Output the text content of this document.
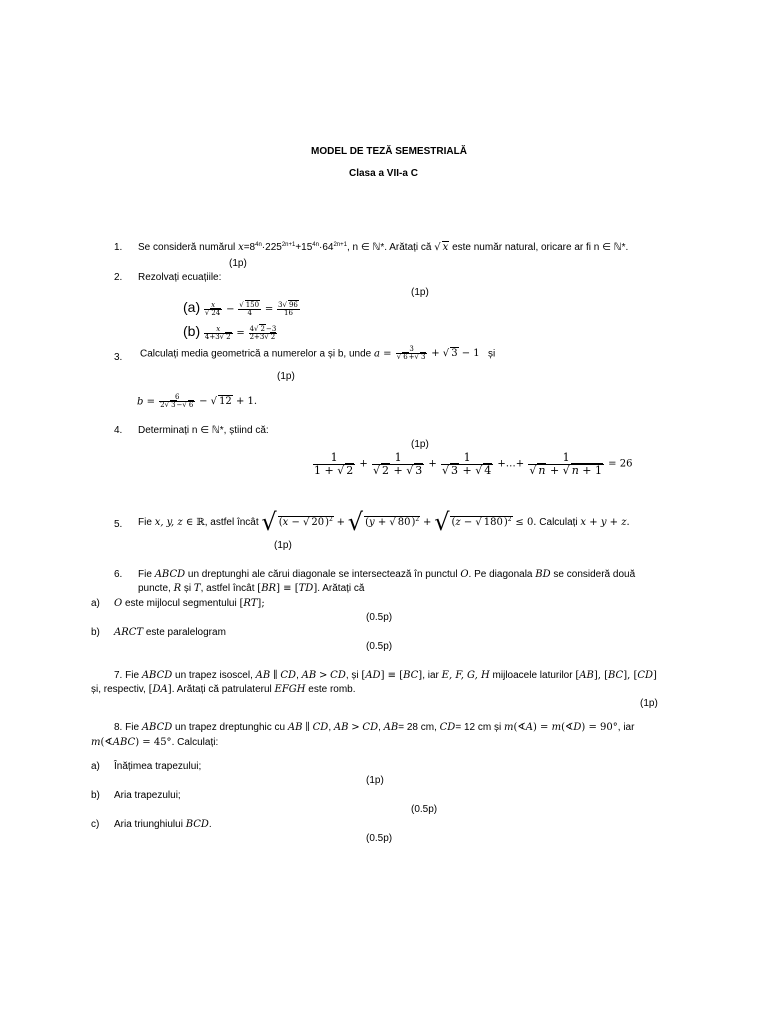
MODEL DE TEZĂ SEMESTRIALĂ
Clasa a VII-a C
1. Se consideră numărul $x=8^{4n}\cdot 225^{2n+1}+15^{4n}\cdot 64^{2n+1}$, n ∈ ℕ*. Arătați că √ x este număr natural, oricare ar fi n ∈ ℕ*.
(1p)
2. Rezolvați ecuațiile:
(1p)
$(a) \frac{x}{√ 24} - \frac{√ 150}{4} = \frac{3√ 96}{16}$
$(b) \frac{x}{4+3√ 2} = \frac{4√ 2-3}{2+3√ 2}$
3. Calculați media geometrică a numerelor a și b, unde $a = \frac{3}{√ 6+√ 3}$ + √ 3 − 1 și
(1p)
$b = \frac{6}{2√ 3-√ 6}$ − √ 12 + 1.
4. Determinați n ∈ ℕ*, știind că:
(1p)
$\frac{1}{1 + √ 2} + \frac{1}{√ 2 + √ 3} + \frac{1}{√ 3 + √ 4}$ +…+ $\frac{1}{√ n + √ n + 1} = 26$
5. Fie x, y, z ∈ ℝ, astfel încât √ (x − √ 20)$^2$ + √ (y + √ 80)$^2$ + √ (z − √ 180)$^2$ ≤ 0. Calculați x + y + z.
(1p)
6. Fie ABCD un dreptunghi ale cărui diagonale se intersectează în punctul O. Pe diagonala BD se consideră două
puncte, R și T, astfel încât [BR] ≡ [TD]. Arătați că
a) O este mijlocul segmentului [RT];
(0.5p)
b) ARCT este paralelogram
(0.5p)
7. Fie ABCD un trapez isoscel, AB ∥ CD, AB > CD, și [AD] ≡ [BC], iar E, F, G, H mijloacele laturilor [AB], [BC], [CD]
și, respectiv, [DA]. Arătați că patrulaterul EFGH este romb.
(1p)
8. Fie ABCD un trapez dreptunghic cu AB ∥ CD, AB > CD, AB= 28 cm, CD= 12 cm și m(∢A) = m(∢D) = 90°, iar
m(∢ABC) = 45°. Calculați:
a) Înățimea trapezului;
(1p)
b) Aria trapezului;
(0.5p)
c) Aria triunghiului BCD.
(0.5p)
